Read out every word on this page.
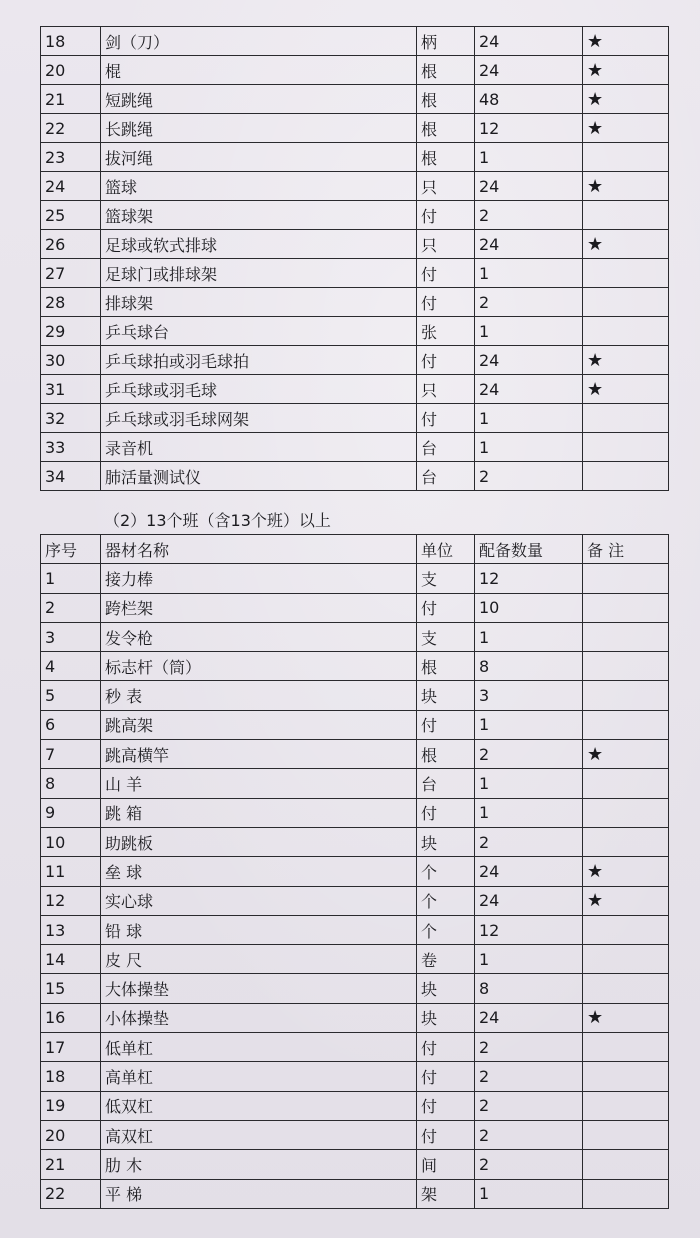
18	剑（刀）	柄	24	★
20	棍	根	24	★
21	短跳绳	根	48	★
22	长跳绳	根	12	★
23	拔河绳	根	1	
24	篮球	只	24	★
25	篮球架	付	2	
26	足球或软式排球	只	24	★
27	足球门或排球架	付	1	
28	排球架	付	2	
29	乒乓球台	张	1	
30	乒乓球拍或羽毛球拍	付	24	★
31	乒乓球或羽毛球	只	24	★
32	乒乓球或羽毛球网架	付	1	
33	录音机	台	1	
34	肺活量测试仪	台	2	

（2）13个班（含13个班）以上

序号	器材名称	单位	配备数量	备 注
1	接力棒	支	12	
2	跨栏架	付	10	
3	发令枪	支	1	
4	标志杆（筒）	根	8	
5	秒 表	块	3	
6	跳高架	付	1	
7	跳高横竿	根	2	★
8	山 羊	台	1	
9	跳 箱	付	1	
10	助跳板	块	2	
11	垒 球	个	24	★
12	实心球	个	24	★
13	铅 球	个	12	
14	皮 尺	卷	1	
15	大体操垫	块	8	
16	小体操垫	块	24	★
17	低单杠	付	2	
18	高单杠	付	2	
19	低双杠	付	2	
20	高双杠	付	2	
21	肋 木	间	2	
22	平 梯	架	1	
